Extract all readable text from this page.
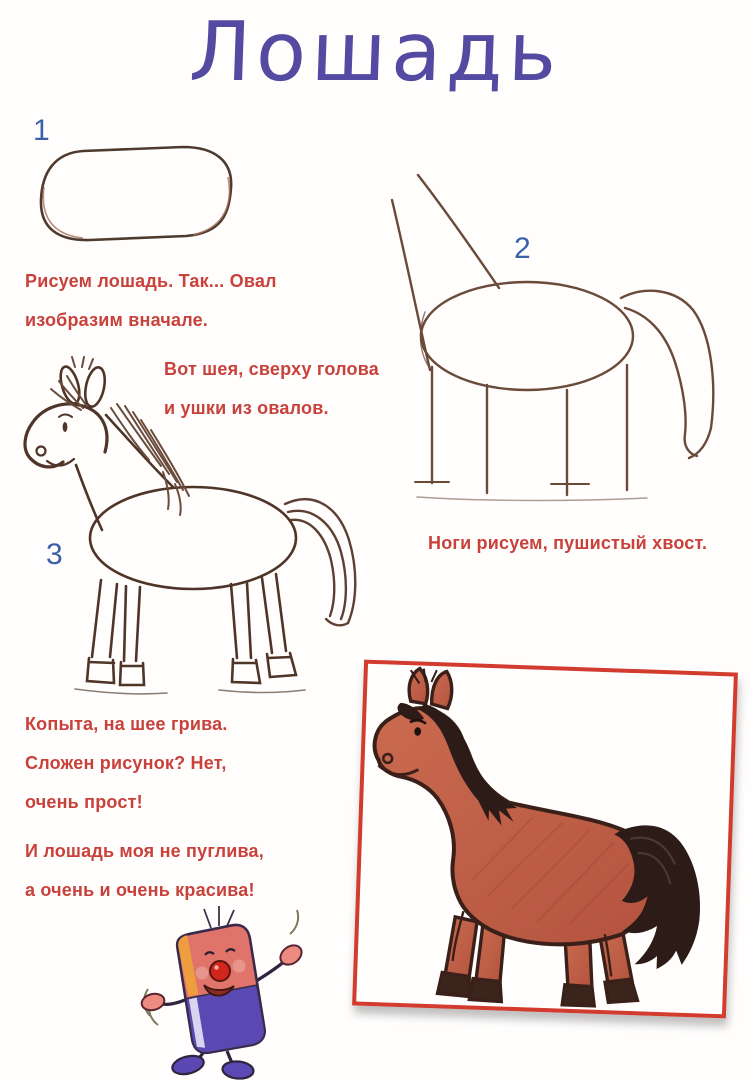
Лошадь
1
Рисуем лошадь. Так... Овал
изобразим вначале.
2
Ноги рисуем, пушистый хвост.
Вот шея, сверху голова
и ушки из овалов.
3
Копыта, на шее грива.
Сложен рисунок? Нет,
очень прост!
И лошадь моя не пуглива,
а очень и очень красива!
